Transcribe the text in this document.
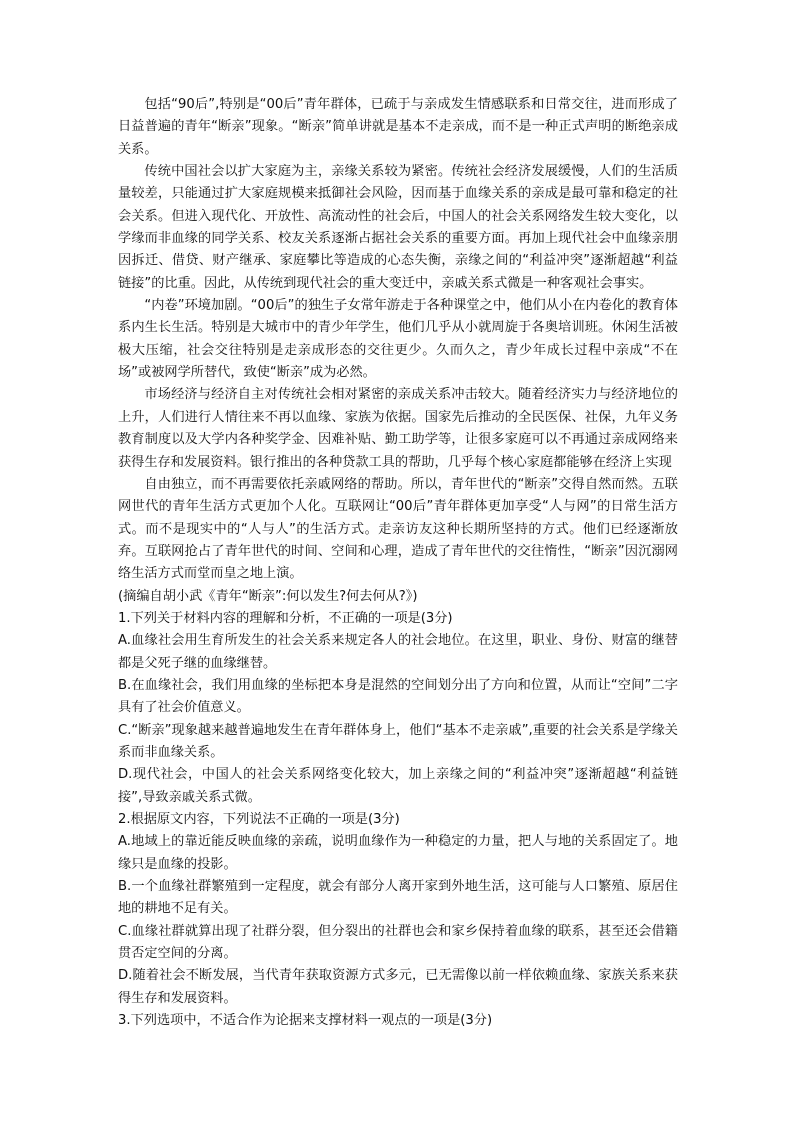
包括“90后”,特别是“00后”青年群体，已疏于与亲成发生情感联系和日常交往，进而形成了日益普遍的青年“断亲”现象。“断亲”简单讲就是基本不走亲成，而不是一种正式声明的断绝亲成关系。

传统中国社会以扩大家庭为主，亲缘关系较为紧密。传统社会经济发展缓慢，人们的生活质量较差，只能通过扩大家庭规模来抵御社会风险，因而基于血缘关系的亲成是最可靠和稳定的社会关系。但进入现代化、开放性、高流动性的社会后，中国人的社会关系网络发生较大变化，以学缘而非血缘的同学关系、校友关系逐渐占据社会关系的重要方面。再加上现代社会中血缘亲朋因拆迁、借贷、财产继承、家庭攀比等造成的心态失衡，亲缘之间的“利益冲突”逐渐超越“利益链接”的比重。因此，从传统到现代社会的重大变迁中，亲戚关系式微是一种客观社会事实。

“内卷”环境加剧。“00后”的独生子女常年游走于各种课堂之中，他们从小在内卷化的教育体系内生长生活。特别是大城市中的青少年学生，他们几乎从小就周旋于各奥培训班。休闲生活被极大压缩，社会交往特别是走亲成形态的交往更少。久而久之，青少年成长过程中亲成“不在场”或被网学所替代，致使“断亲”成为必然。

市场经济与经济自主对传统社会相对紧密的亲成关系冲击较大。随着经济实力与经济地位的上升，人们进行人情往来不再以血缘、家族为依据。国家先后推动的全民医保、社保，九年义务教育制度以及大学内各种奖学金、因难补贴、勤工助学等，让很多家庭可以不再通过亲成网络来获得生存和发展资料。银行推出的各种贷款工具的帮助，几乎每个核心家庭都能够在经济上实现

自由独立，而不再需要依托亲戚网络的帮助。所以，青年世代的“断亲”交得自然而然。五联网世代的青年生活方式更加个人化。互联网让“00后”青年群体更加享受“人与网”的日常生活方式。而不是现实中的“人与人”的生活方式。走亲访友这种长期所坚持的方式。他们已经逐渐放弃。互联网抢占了青年世代的时间、空间和心理，造成了青年世代的交往惰性，“断亲”因沉溺网络生活方式而堂而皇之地上演。

(摘编自胡小武《青年“断亲”:何以发生?何去何从?》)

1.下列关于材料内容的理解和分析，不正确的一项是(3分)

A.血缘社会用生育所发生的社会关系来规定各人的社会地位。在这里，职业、身份、财富的继替都是父死子继的血缘继替。

B.在血缘社会，我们用血缘的坐标把本身是混然的空间划分出了方向和位置，从而让“空间”二字具有了社会价值意义。

C.“断亲”现象越来越普遍地发生在青年群体身上，他们“基本不走亲戚”,重要的社会关系是学缘关系而非血缘关系。

D.现代社会，中国人的社会关系网络变化较大，加上亲缘之间的“利益冲突”逐渐超越“利益链接”,导致亲戚关系式微。

2.根据原文内容，下列说法不正确的一项是(3分)

A.地域上的靠近能反映血缘的亲疏，说明血缘作为一种稳定的力量，把人与地的关系固定了。地缘只是血缘的投影。

B.一个血缘社群繁殖到一定程度，就会有部分人离开家到外地生活，这可能与人口繁殖、原居住地的耕地不足有关。

C.血缘社群就算出现了社群分裂，但分裂出的社群也会和家乡保持着血缘的联系，甚至还会借籍贯否定空间的分离。

D.随着社会不断发展，当代青年获取资源方式多元，已无需像以前一样依赖血缘、家族关系来获得生存和发展资料。

3.下列选项中，不适合作为论据来支撑材料一观点的一项是(3分)
